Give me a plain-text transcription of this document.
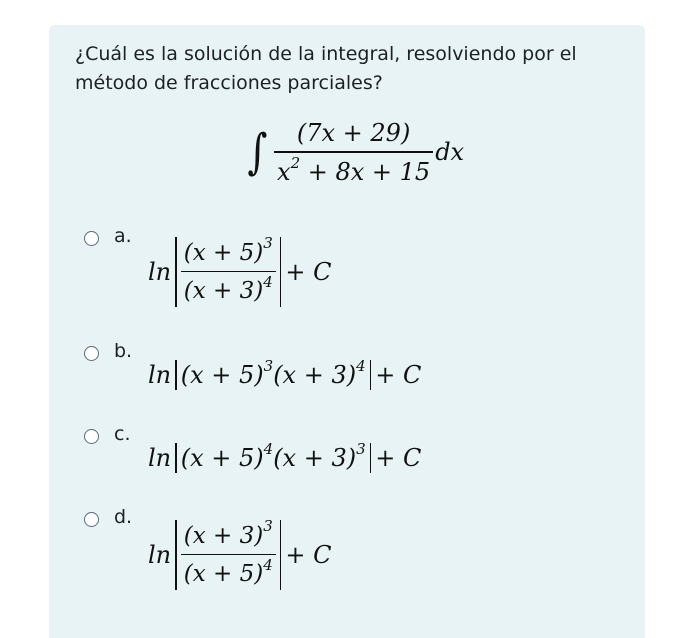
¿Cuál es la solución de la integral, resolviendo por el método de fracciones parciales?
∫ $\frac{(7x + 29)}{x^2 + 8x + 15}$ dx
a.
$\ln \frac{(x + 5)^3}{(x + 3)^4} + C$
b.
$\ln (x + 5)^3(x + 3)^4 + C$
c.
$\ln (x + 5)^4(x + 3)^3 + C$
d.
$\ln \frac{(x + 3)^3}{(x + 5)^4} + C$
